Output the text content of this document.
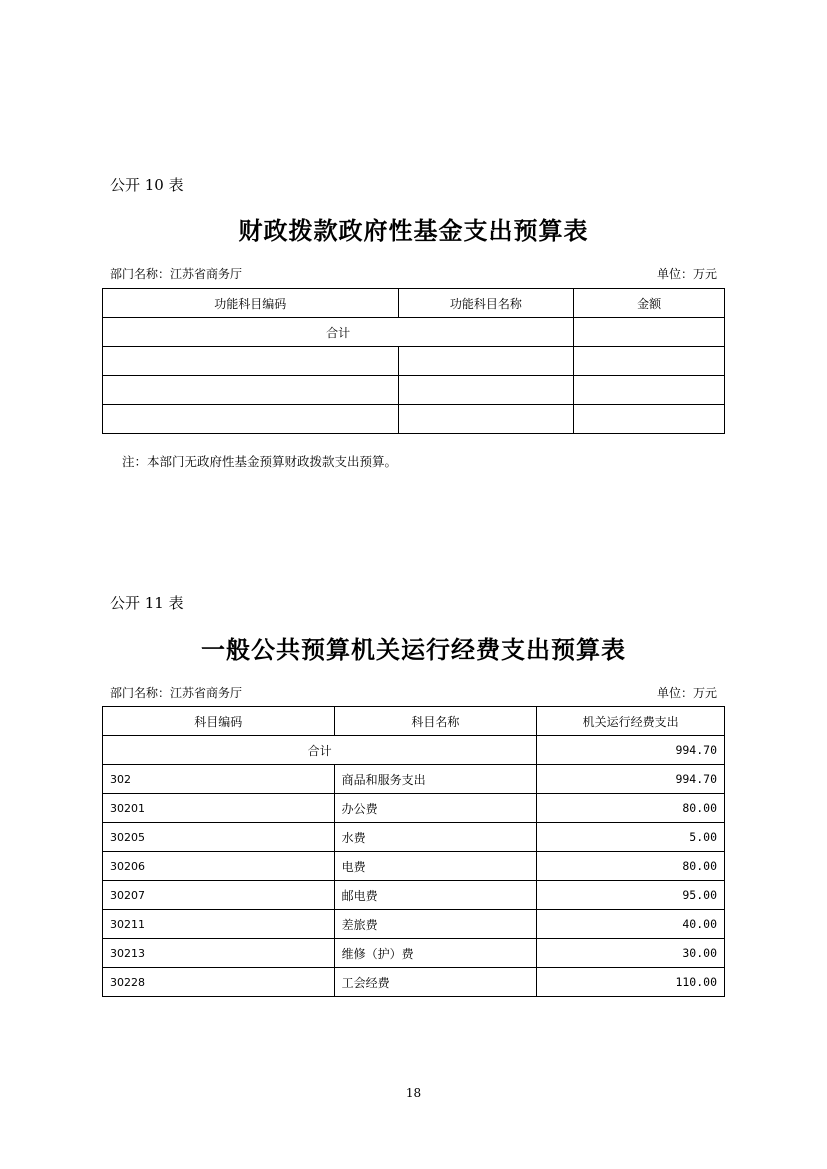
公开 10 表
财政拨款政府性基金支出预算表
部门名称：江苏省商务厅	单位：万元
功能科目编码	功能科目名称	金额
合计		

注：本部门无政府性基金预算财政拨款支出预算。
公开 11 表
一般公共预算机关运行经费支出预算表
部门名称：江苏省商务厅	单位：万元
科目编码	科目名称	机关运行经费支出
合计		994.70
302	商品和服务支出	994.70
30201	办公费	80.00
30205	水费	5.00
30206	电费	80.00
30207	邮电费	95.00
30211	差旅费	40.00
30213	维修（护）费	30.00
30228	工会经费	110.00
18
